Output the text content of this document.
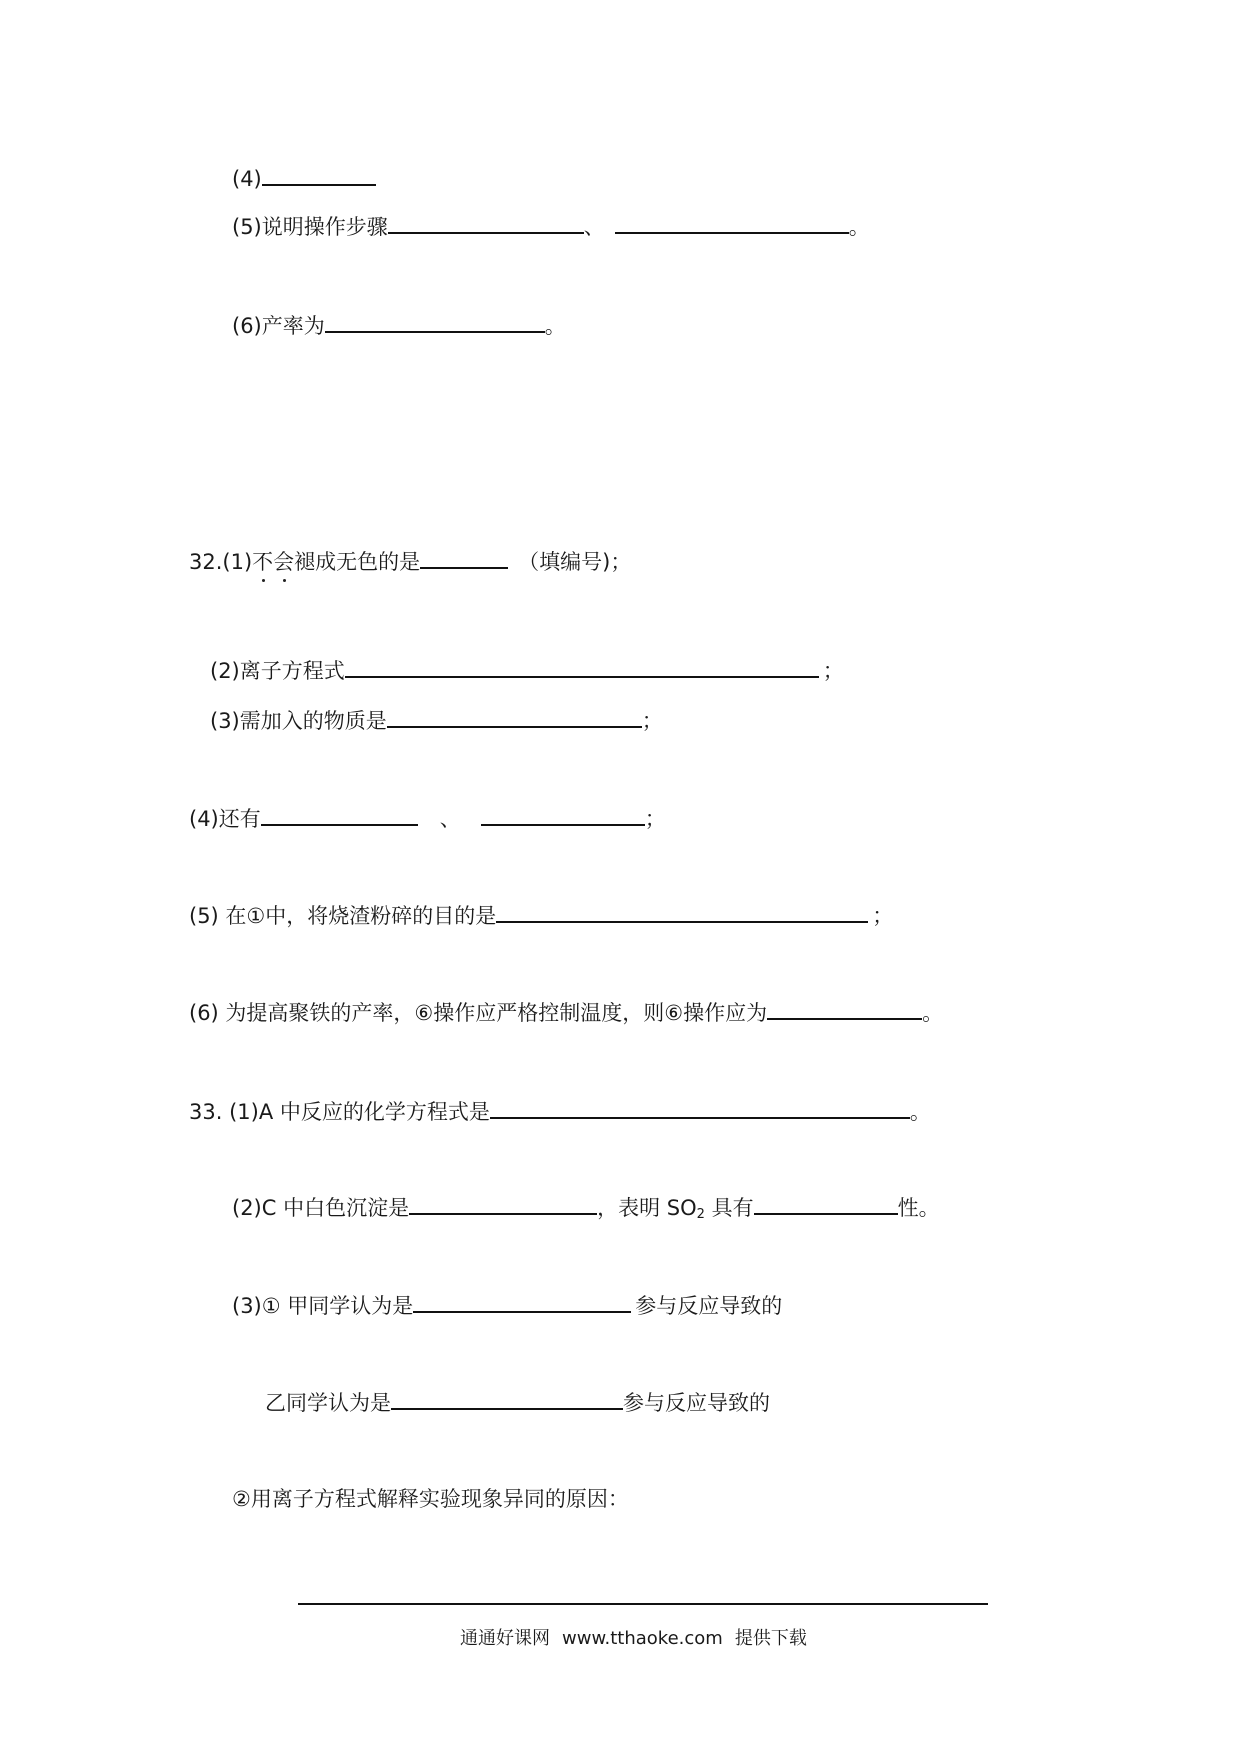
(4)
(5)说明操作步骤	、	。
(6)产率为	。
32.(1)不会褪成无色的是	（填编号)；
(2)离子方程式	；
(3)需加入的物质是	；
(4)还有	、	；
(5) 在①中，将烧渣粉碎的目的是	；
(6) 为提高聚铁的产率，⑥操作应严格控制温度，则⑥操作应为	。
33. (1)A 中反应的化学方程式是	。
(2)C 中白色沉淀是	，表明 $SO_2$ 具有	性。
(3)① 甲同学认为是	参与反应导致的
乙同学认为是	参与反应导致的
②用离子方程式解释实验现象异同的原因：
通通好课网 www.tthaoke.com 提供下载
